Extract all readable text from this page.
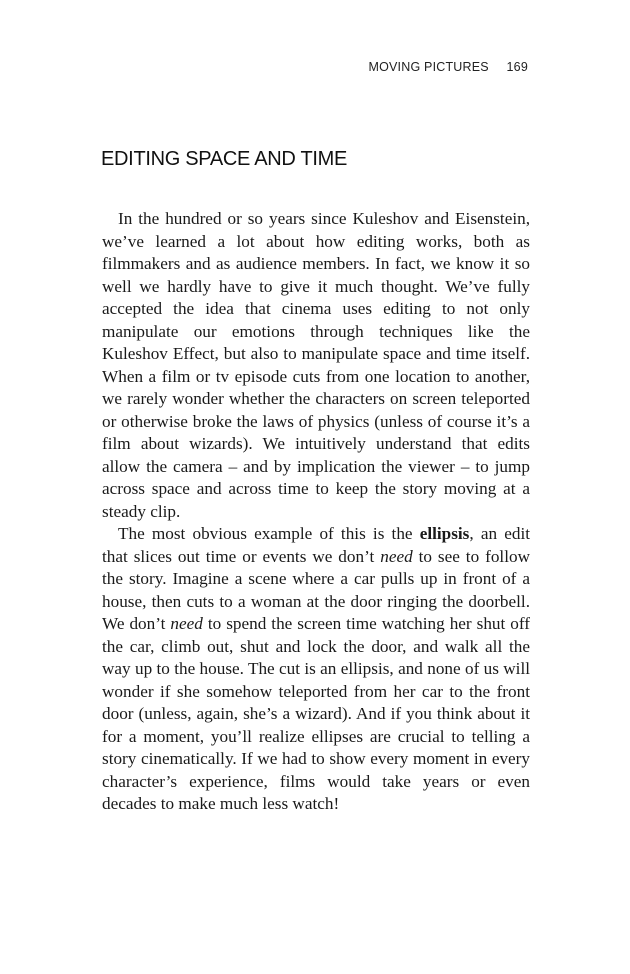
MOVING PICTURES 169
EDITING SPACE AND TIME

In the hundred or so years since Kuleshov and Eisenstein, we’ve learned a lot about how editing works, both as filmmakers and as audience members. In fact, we know it so well we hardly have to give it much thought. We’ve fully accepted the idea that cinema uses editing to not only manipulate our emotions through techniques like the Kuleshov Effect, but also to manipulate space and time itself. When a film or tv episode cuts from one location to another, we rarely wonder whether the characters on screen teleported or otherwise broke the laws of physics (unless of course it’s a film about wizards). We intuitively understand that edits allow the camera – and by implication the viewer – to jump across space and across time to keep the story moving at a steady clip.

The most obvious example of this is the ellipsis, an edit that slices out time or events we don’t need to see to follow the story. Imagine a scene where a car pulls up in front of a house, then cuts to a woman at the door ringing the doorbell. We don’t need to spend the screen time watching her shut off the car, climb out, shut and lock the door, and walk all the way up to the house. The cut is an ellipsis, and none of us will wonder if she somehow teleported from her car to the front door (unless, again, she’s a wizard). And if you think about it for a moment, you’ll realize ellipses are crucial to telling a story cinematically. If we had to show every moment in every character’s experience, films would take years or even decades to make much less watch!
